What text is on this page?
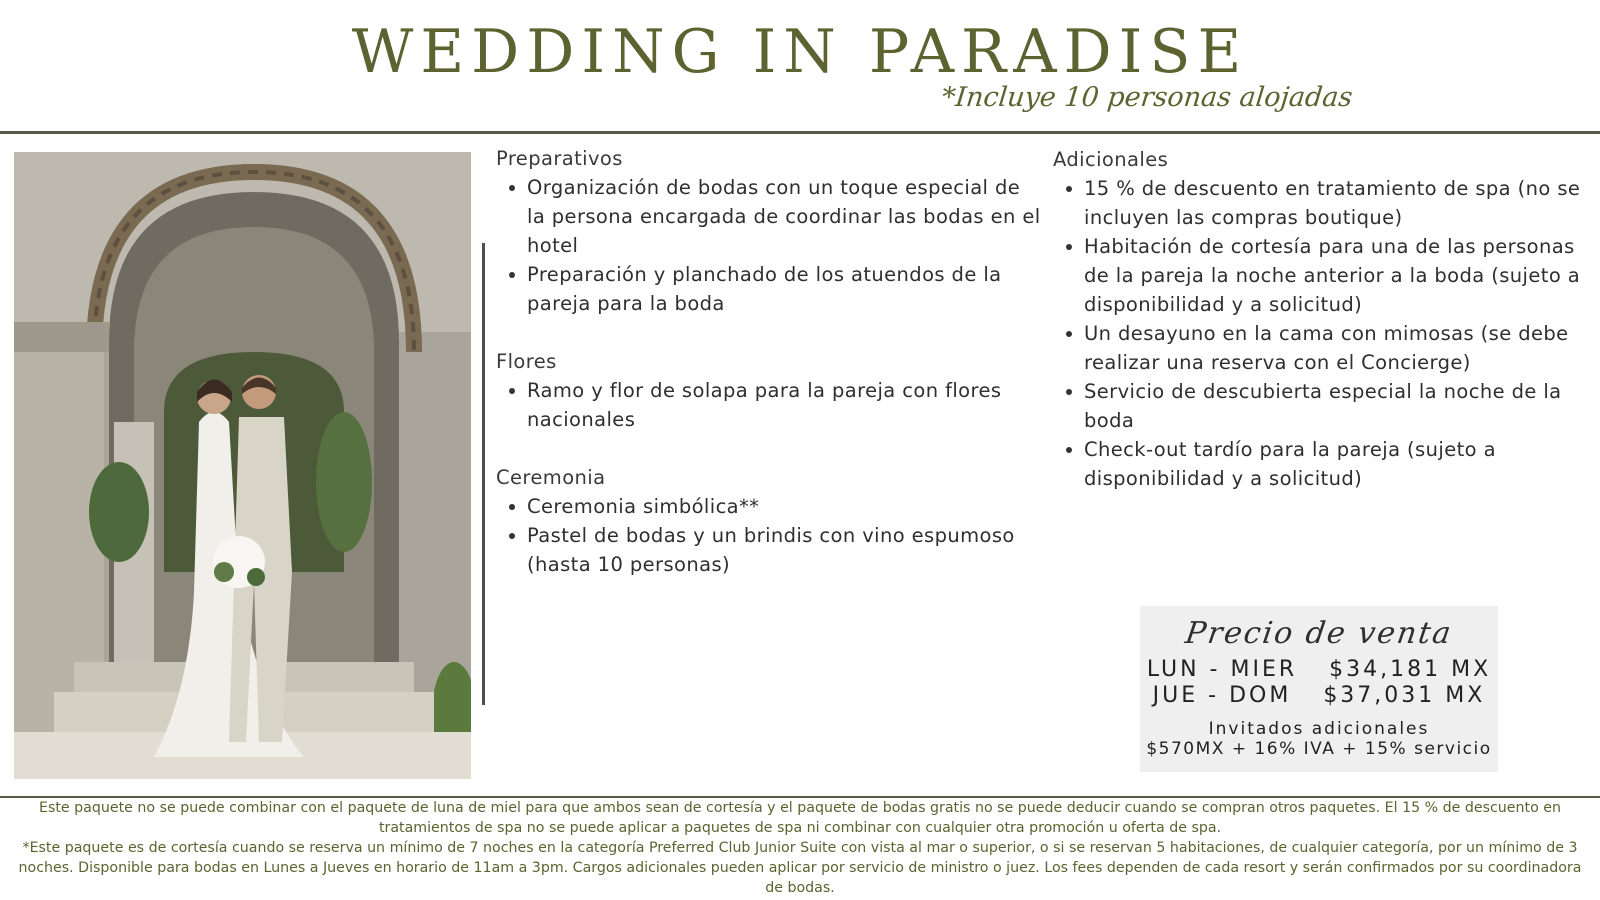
WEDDING IN PARADISE
*Incluye 10 personas alojadas
Preparativos
Organización de bodas con un toque especial de la persona encargada de coordinar las bodas en el hotel
Preparación y planchado de los atuendos de la pareja para la boda
Flores
Ramo y flor de solapa para la pareja con flores nacionales
Ceremonia
Ceremonia simbólica**
Pastel de bodas y un brindis con vino espumoso (hasta 10 personas)
Adicionales
15 % de descuento en tratamiento de spa (no se incluyen las compras boutique)
Habitación de cortesía para una de las personas de la pareja la noche anterior a la boda (sujeto a disponibilidad y a solicitud)
Un desayuno en la cama con mimosas (se debe realizar una reserva con el Concierge)
Servicio de descubierta especial la noche de la boda
Check-out tardío para la pareja (sujeto a disponibilidad y a solicitud)
Precio de venta
LUN - MIER $34,181 MX
JUE - DOM $37,031 MX
Invitados adicionales
$570MX + 16% IVA + 15% servicio
Este paquete no se puede combinar con el paquete de luna de miel para que ambos sean de cortesía y el paquete de bodas gratis no se puede deducir cuando se compran otros paquetes. El 15 % de descuento en tratamientos de spa no se puede aplicar a paquetes de spa ni combinar con cualquier otra promoción u oferta de spa.
*Este paquete es de cortesía cuando se reserva un mínimo de 7 noches en la categoría Preferred Club Junior Suite con vista al mar o superior, o si se reservan 5 habitaciones, de cualquier categoría, por un mínimo de 3 noches. Disponible para bodas en Lunes a Jueves en horario de 11am a 3pm. Cargos adicionales pueden aplicar por servicio de ministro o juez. Los fees dependen de cada resort y serán confirmados por su coordinadora de bodas.
